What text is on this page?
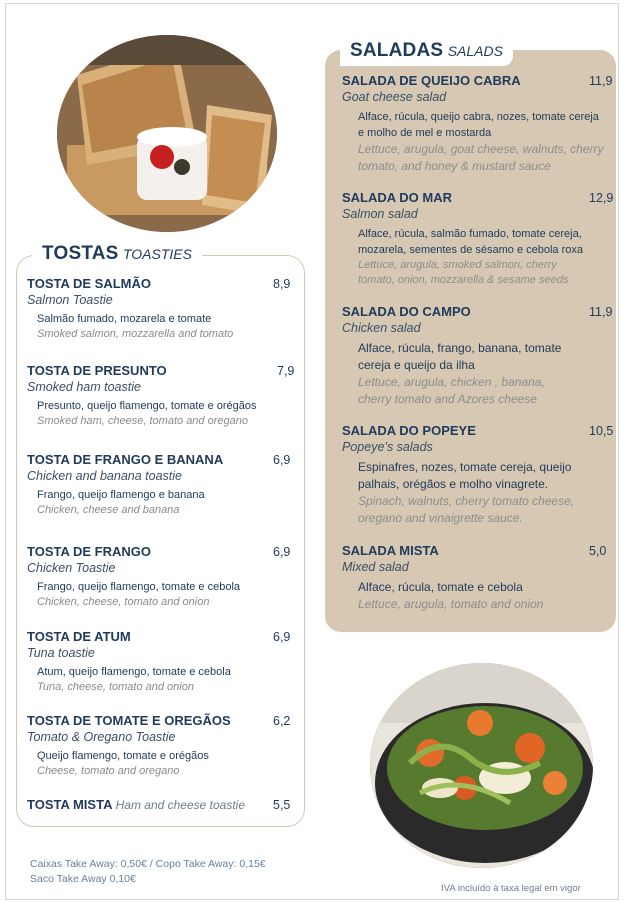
TOSTAS TOASTIES
TOSTA DE SALMÃO	8,9
Salmon Toastie
Salmão fumado, mozarela e tomate
Smoked salmon, mozzarella and tomato
TOSTA DE PRESUNTO	7,9
Smoked ham toastie
Presunto, queijo flamengo, tomate e orégãos
Smoked ham, cheese, tomato and oregano
TOSTA DE FRANGO E BANANA	6,9
Chicken and banana toastie
Frango, queijo flamengo e banana
Chicken, cheese and banana
TOSTA DE FRANGO	6,9
Chicken Toastie
Frango, queijo flamengo, tomate e cebola
Chicken, cheese, tomato and onion
TOSTA DE ATUM	6,9
Tuna toastie
Atum, queijo flamengo, tomate e cebola
Tuna, cheese, tomato and onion
TOSTA DE TOMATE E OREGÃOS	6,2
Tomato & Oregano Toastie
Queijo flamengo, tomate e orégãos
Cheese, tomato and oregano
TOSTA MISTA Ham and cheese toastie	5,5
SALADAS SALADS
SALADA DE QUEIJO CABRA	11,9
Goat cheese salad
Alface, rúcula, queijo cabra, nozes, tomate cereja
e molho de mel e mostarda
Lettuce, arugula, goat cheese, walnuts, cherry
tomato, and honey & mustard sauce
SALADA DO MAR	12,9
Salmon salad
Alface, rúcula, salmão fumado, tomate cereja,
mozarela, sementes de sésamo e cebola roxa
Lettuce, arugula, smoked salmon, cherry
tomato, onion, mozzarella & sesame seeds
SALADA DO CAMPO	11,9
Chicken salad
Alface, rúcula, frango, banana, tomate
cereja e queijo da ilha
Lettuce, arugula, chicken , banana,
cherry tomato and Azores cheese
SALADA DO POPEYE	10,5
Popeye’s salads
Espinafres, nozes, tomate cereja, queijo
palhais, orégãos e molho vinagrete.
Spinach, walnuts, cherry tomato cheese,
oregano and vinaigrette sauce.
SALADA MISTA	5,0
Mixed salad
Alface, rúcula, tomate e cebola
Lettuce, arugula, tomato and onion
Caixas Take Away: 0,50€ / Copo Take Away: 0,15€
Saco Take Away 0,10€
IVA incluído à taxa legal em vigor
